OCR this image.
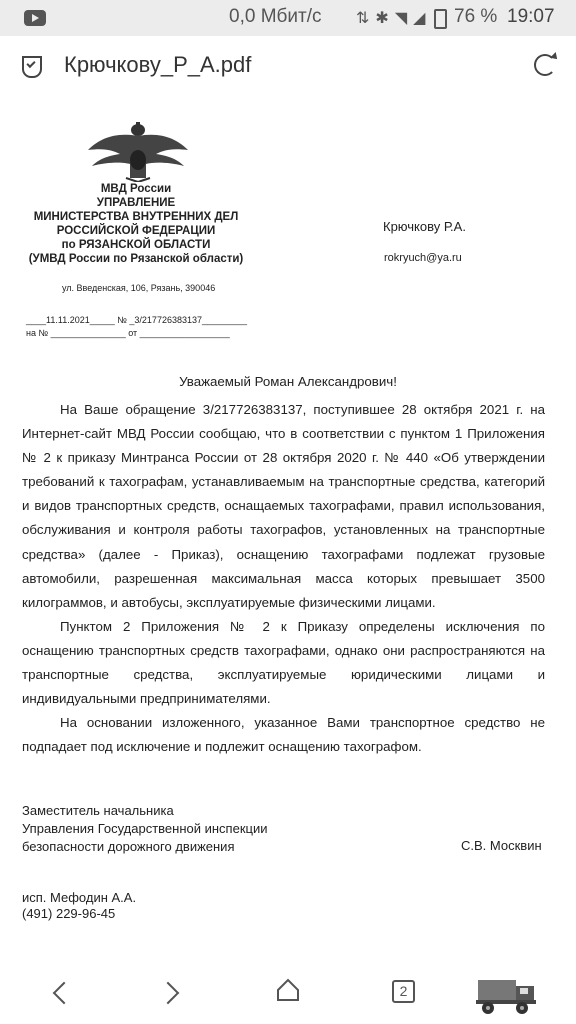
0,0 Мбит/с ⇅✱◥◢ 76 % 19:07
Крючкову_Р_А.pdf
МВД России
УПРАВЛЕНИЕ
МИНИСТЕРСТВА ВНУТРЕННИХ ДЕЛ
РОССИЙСКОЙ ФЕДЕРАЦИИ
по РЯЗАНСКОЙ ОБЛАСТИ
(УМВД России по Рязанской области)
ул. Введенская, 106, Рязань, 390046
____11.11.2021_____ № _3/217726383137_________
на № _______________ от __________________
Крючкову Р.А.
rokryuch@ya.ru
Уважаемый Роман Александрович!

На Ваше обращение 3/217726383137, поступившее 28 октября 2021 г. на Интернет-сайт МВД России сообщаю, что в соответствии с пунктом 1 Приложения № 2 к приказу Минтранса России от 28 октября 2020 г. № 440 «Об утверждении требований к тахографам, устанавливаемым на транспортные средства, категорий и видов транспортных средств, оснащаемых тахографами, правил использования, обслуживания и контроля работы тахографов, установленных на транспортные средства» (далее - Приказ), оснащению тахографами подлежат грузовые автомобили, разрешенная максимальная масса которых превышает 3500 килограммов, и автобусы, эксплуатируемые физическими лицами.

Пунктом 2 Приложения № 2 к Приказу определены исключения по оснащению транспортных средств тахографами, однако они распространяются на транспортные средства, эксплуатируемые юридическими лицами и индивидуальными предпринимателями.

На основании изложенного, указанное Вами транспортное средство не подпадает под исключение и подлежит оснащению тахографом.

Заместитель начальника
Управления Государственной инспекции
безопасности дорожного движения	С.В. Москвин
исп. Мефодин А.А.
(491) 229-96-45
2
